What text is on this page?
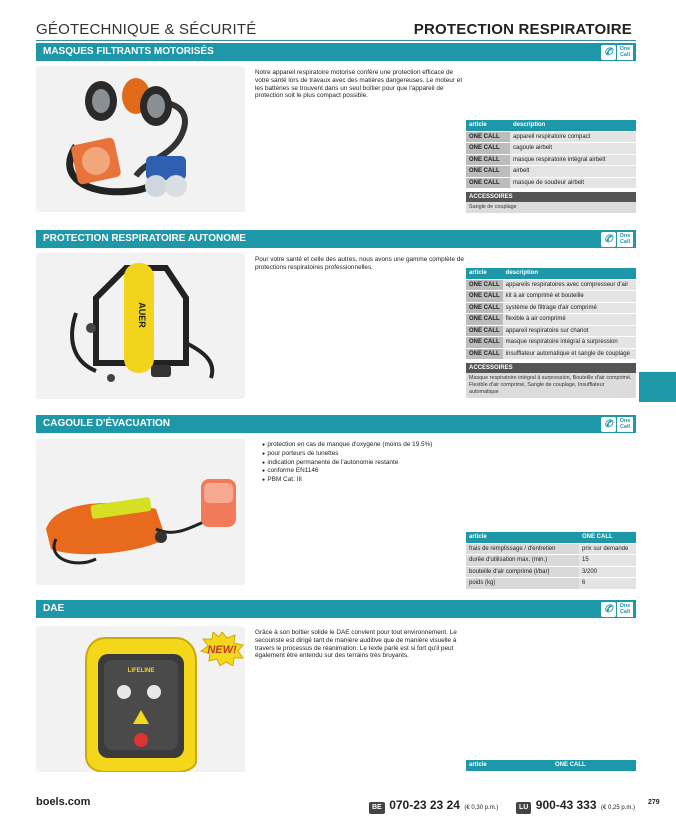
GÉOTECHNIQUE & SÉCURITÉ	PROTECTION RESPIRATOIRE
MASQUES FILTRANTS MOTORISÉS	✆	One
Call
Notre appareil respiratoire motorisé confère une protection efficace de votre santé lors de travaux avec des matières dangereuses. Le moteur et les batteries se trouvent dans un seul boîtier pour que l'appareil de protection soit le plus compact possible.
article	description
ONE CALL	appareil respiratoire compact
ONE CALL	cagoule airbelt
ONE CALL	masque respiratoire intégral airbelt
ONE CALL	airbelt
ONE CALL	masque de soudeur airbelt
ACCESSOIRES
Sangle de couplage
PROTECTION RESPIRATOIRE AUTONOME	✆	One
Call
AUER
Pour votre santé et celle des autres, nous avons une gamme complète de protections respiratoires professionnelles.
article	description
ONE CALL	appareils respiratoires avec compresseur d'air
ONE CALL	kit à air comprimé et bouteille
ONE CALL	système de filtrage d'air comprimé
ONE CALL	flexible à air comprimé
ONE CALL	appareil respiratoire sur chariot
ONE CALL	masque respiratoire intégral à surpression
ONE CALL	insufflateur automatique et sangle de couplage
ACCESSOIRES
Masque respiratoire intégral à surpression, Bouteille d'air comprimé, Flexible d'air comprimé, Sangle de couplage, Insufflateur automatique
CAGOULE D'ÉVACUATION	✆	One
Call
● protection en cas de manque d'oxygène (moins de 19.5%)
● pour porteurs de lunettes
● indication permanente de l'autonomie restante
● conforme EN1146
● PBM Cat. III
article	ONE CALL
frais de remplissage / d'entretien	prix sur demande
durée d'utilisation max. (min.)	15
bouteille d'air comprimé (l/bar)	3/200
poids (kg)	6
DAE	✆	One
Call
LIFELINE
NEW!
Grâce à son boîtier solide le DAE convient pour tout environnement. Le secouriste est dirigé tant de manière auditive que de manière visuelle à travers le processus de réanimation. Le texte parlé est si fort qu'il peut également être entendu sur des terrains très bruyants.
article	ONE CALL
boels.com	BE 070-23 23 24 (€ 0,30 p.m.)	LU 900-43 333 (€ 0,25 p.m.)
279
